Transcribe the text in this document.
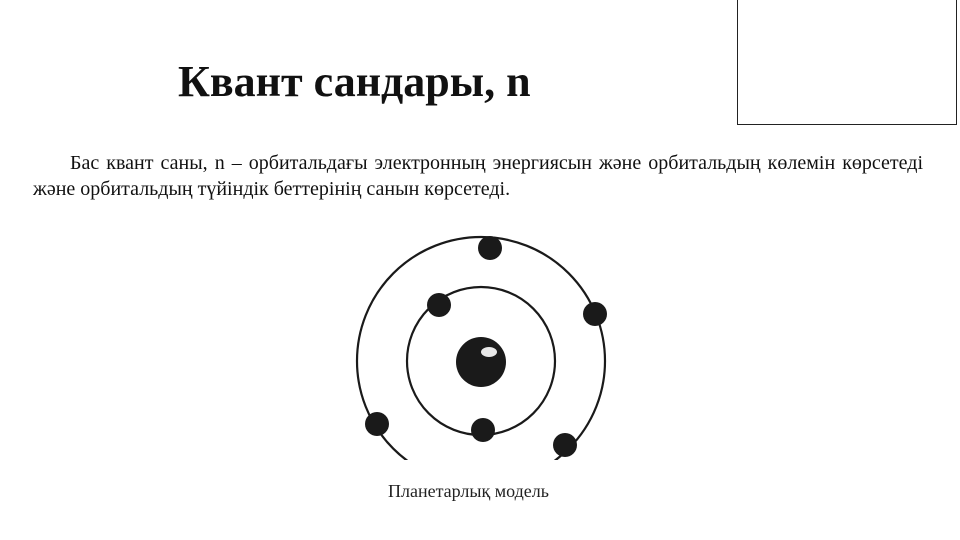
Квант сандары, n

Бас квант саны, n – орбитальдағы электронның энергиясын және орбитальдың көлемін көрсетеді және орбитальдың түйіндік беттерінің санын көрсетеді.

Планетарлық модель
